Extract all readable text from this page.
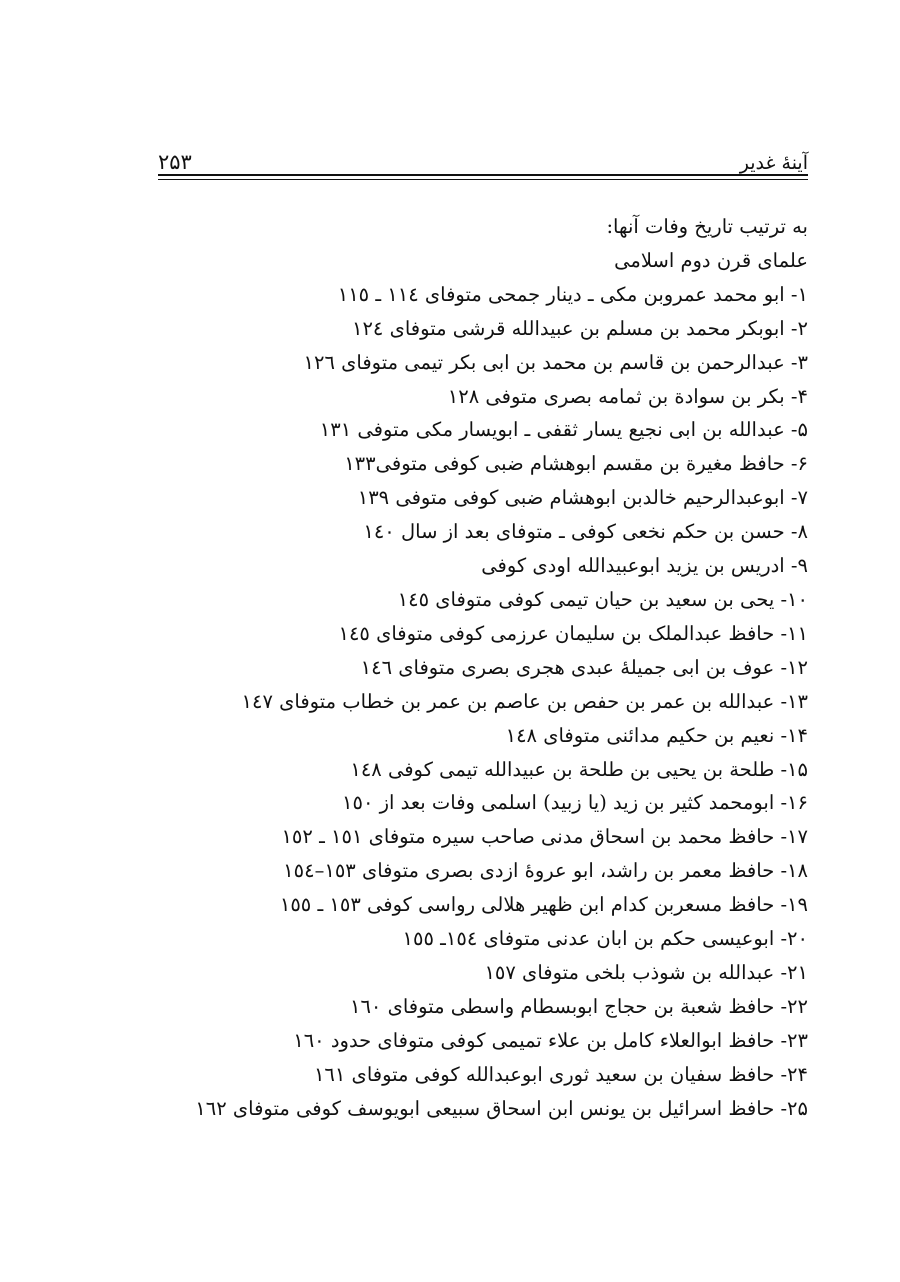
۲۵۳	آینهٔ غدیر
به ترتیب تاریخ وفات آنها:
علمای قرن دوم اسلامی
۱- ابو محمد عمروبن مکی ـ دینار جمحی متوفای ۱۱٤ ـ ۱۱٥
۲- ابوبکر محمد بن مسلم بن عبیدالله قرشی متوفای ۱۲٤
۳- عبدالرحمن بن قاسم بن محمد بن ابی بکر تیمی متوفای ۱۲٦
۴- بکر بن سوادة بن ثمامه بصری متوفی ۱۲۸
۵- عبدالله بن ابی نجیع یسار ثقفی ـ ابویسار مکی متوفی ۱۳۱
۶- حافظ مغیرة بن مقسم ابوهشام ضبی کوفی متوفی۱۳۳
۷- ابوعبدالرحیم خالدبن ابوهشام ضبی کوفی متوفی ۱۳۹
۸- حسن بن حکم نخعی کوفی ـ متوفای بعد از سال ۱٤۰
۹- ادریس بن یزید ابوعبیدالله اودی کوفی
۱۰- یحی بن سعید بن حیان تیمی کوفی متوفای ۱٤٥
۱۱- حافظ عبدالملک بن سلیمان عرزمی کوفی متوفای ۱٤٥
۱۲- عوف بن ابی جمیلهٔ عبدی هجری بصری متوفای ۱٤٦
۱۳- عبدالله بن عمر بن حفص بن عاصم بن عمر بن خطاب متوفای ۱٤۷
۱۴- نعیم بن حکیم مدائنی متوفای ۱٤۸
۱۵- طلحة بن یحیی بن طلحة بن عبیدالله تیمی کوفی ۱٤۸
۱۶- ابومحمد کثیر بن زید (یا زبید) اسلمی وفات بعد از ۱٥۰
۱۷- حافظ محمد بن اسحاق مدنی صاحب سیره متوفای ۱٥۱ ـ ۱٥۲
۱۸- حافظ معمر بن راشد، ابو عروهٔ ازدی بصری متوفای ۱٥۳–۱٥٤
۱۹- حافظ مسعربن کدام ابن ظهیر هلالی رواسی کوفی ۱٥۳ ـ ۱٥٥
۲۰- ابوعیسی حکم بن ابان عدنی متوفای ۱٥٤ـ ۱٥٥
۲۱- عبدالله بن شوذب بلخی متوفای ۱٥۷
۲۲- حافظ شعبة بن حجاج ابوبسطام واسطی متوفای ۱٦۰
۲۳- حافظ ابوالعلاء کامل بن علاء تمیمی کوفی متوفای حدود ۱٦۰
۲۴- حافظ سفیان بن سعید ثوری ابوعبدالله کوفی متوفای ۱٦۱
۲۵- حافظ اسرائیل بن یونس ابن اسحاق سبیعی ابویوسف کوفی متوفای ۱٦۲
